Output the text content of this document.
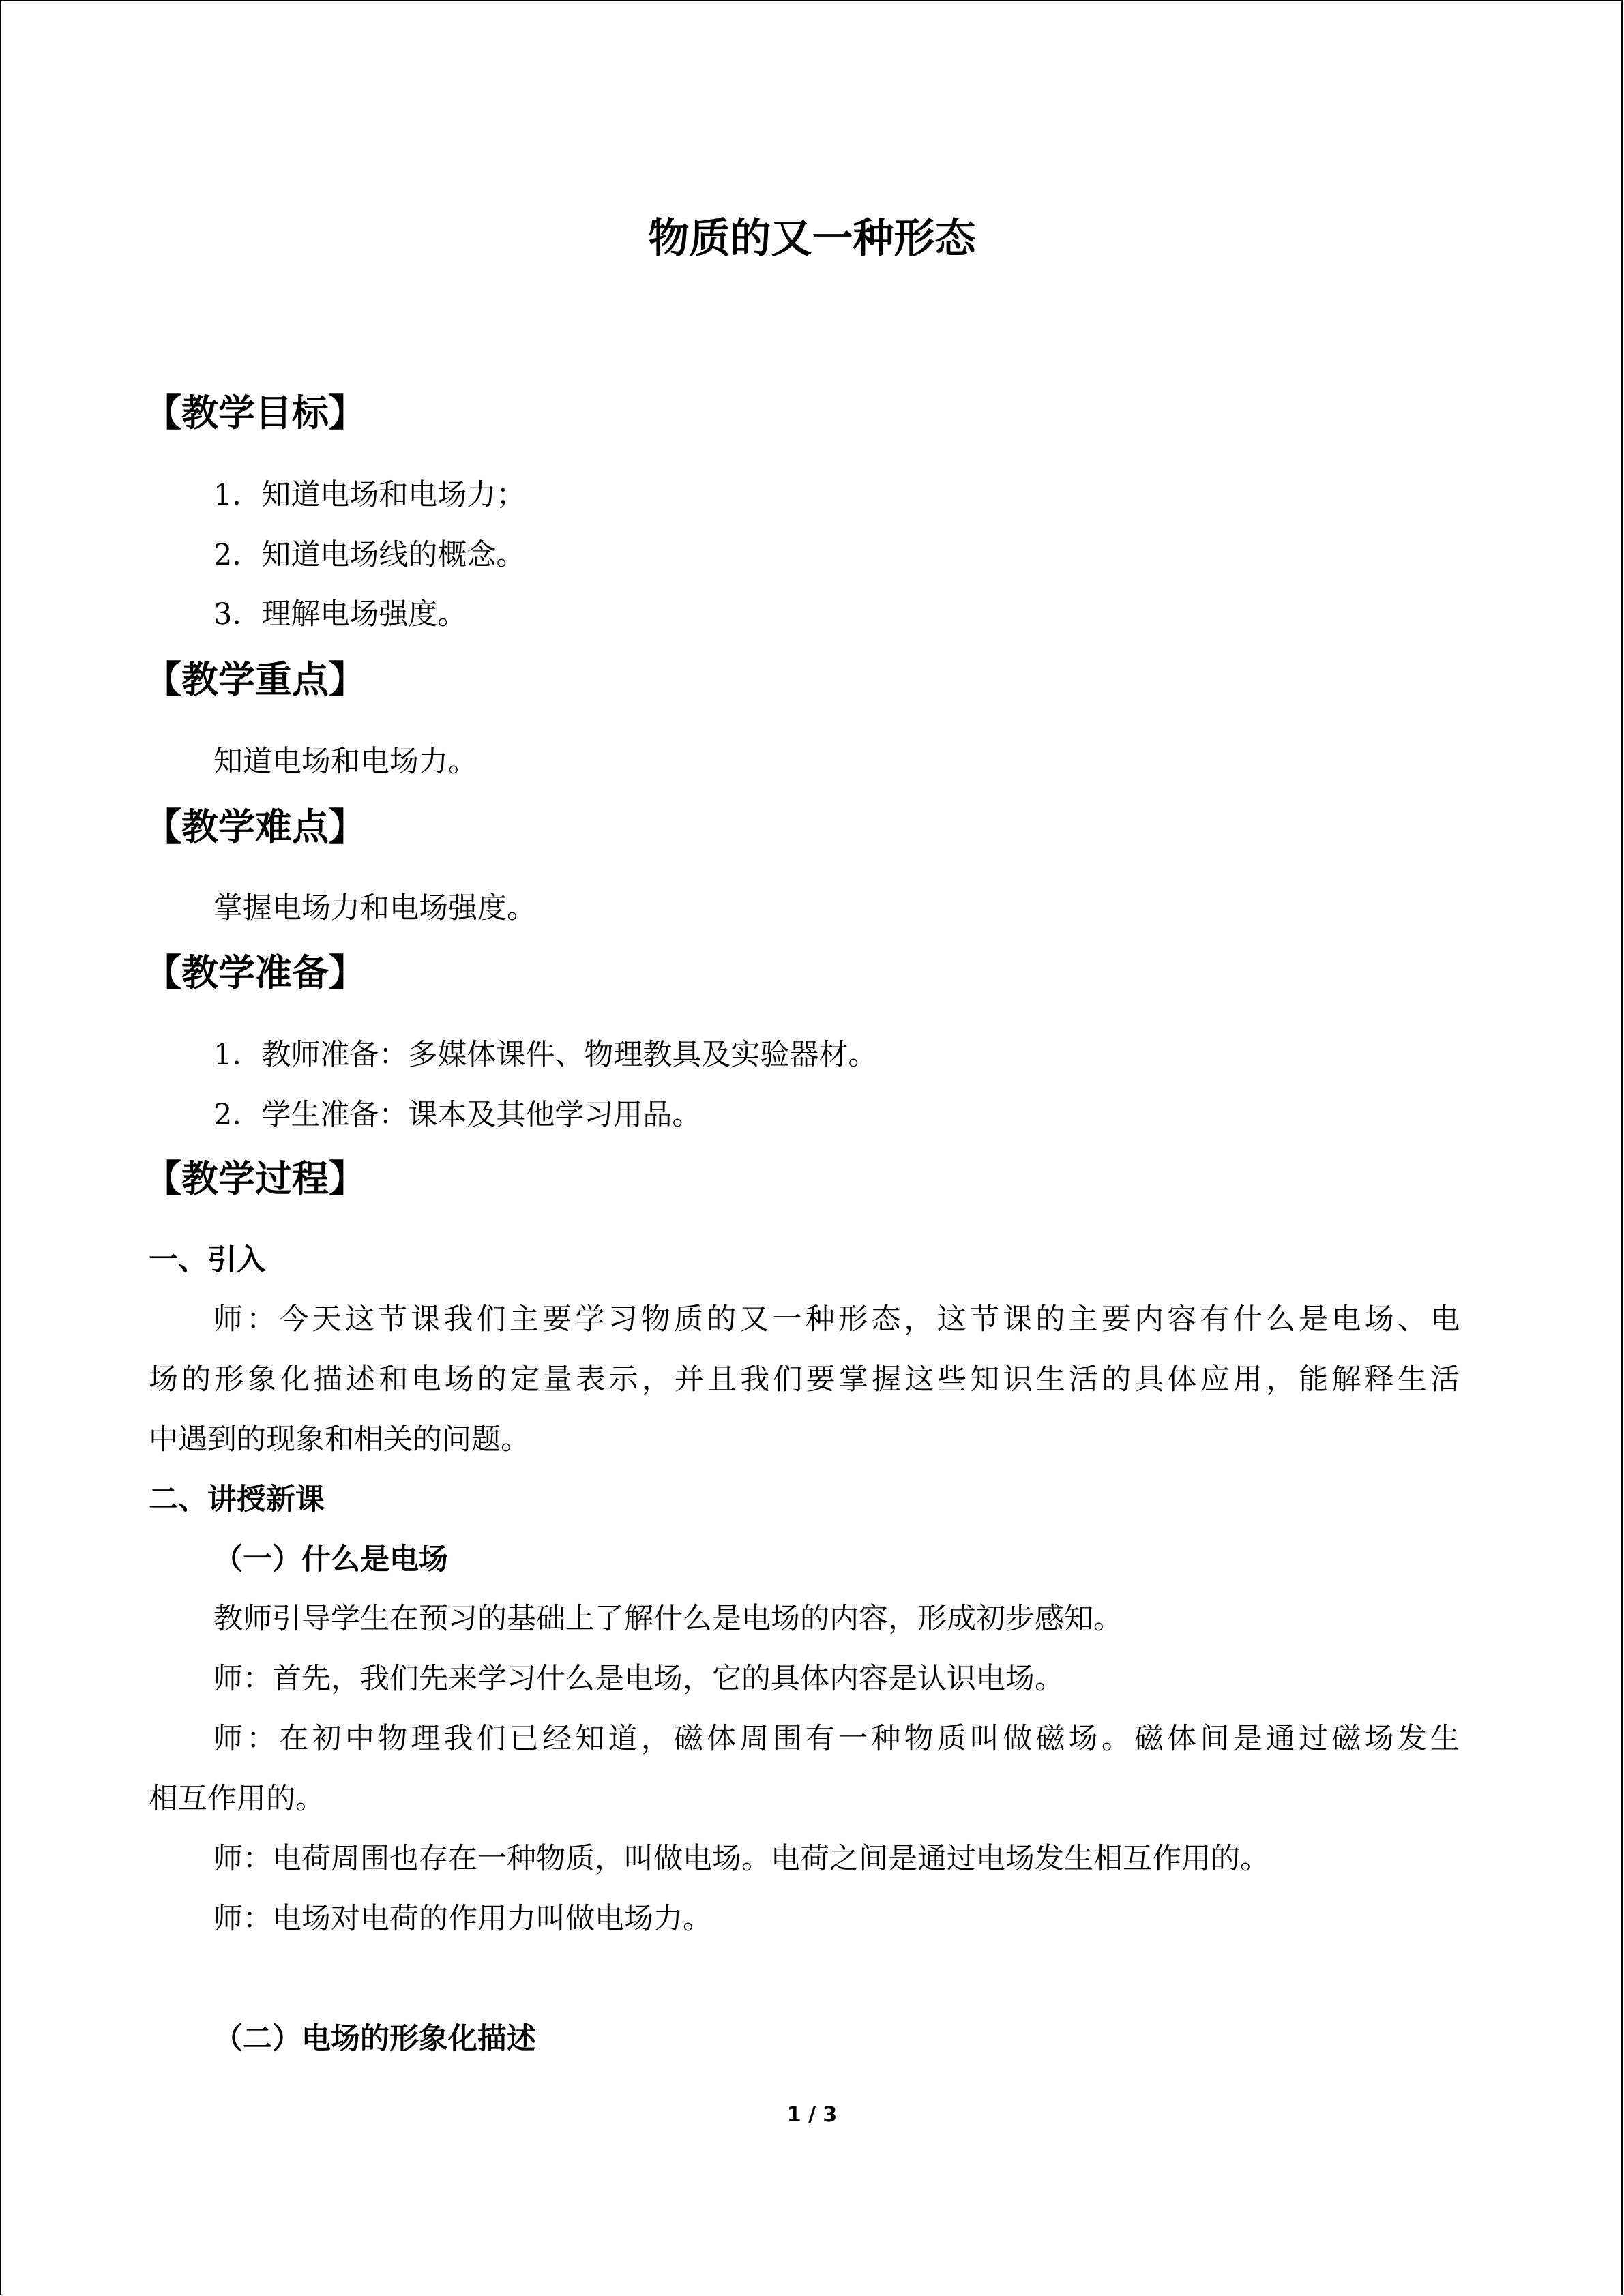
物质的又一种形态
【教学目标】
1．知道电场和电场力；
2．知道电场线的概念。
3．理解电场强度。
【教学重点】
知道电场和电场力。
【教学难点】
掌握电场力和电场强度。
【教学准备】
1．教师准备：多媒体课件、物理教具及实验器材。
2．学生准备：课本及其他学习用品。
【教学过程】
一、引入
师：今天这节课我们主要学习物质的又一种形态，这节课的主要内容有什么是电场、电
场的形象化描述和电场的定量表示，并且我们要掌握这些知识生活的具体应用，能解释生活
中遇到的现象和相关的问题。
二、讲授新课
（一）什么是电场
教师引导学生在预习的基础上了解什么是电场的内容，形成初步感知。
师：首先，我们先来学习什么是电场，它的具体内容是认识电场。
师：在初中物理我们已经知道，磁体周围有一种物质叫做磁场。磁体间是通过磁场发生
相互作用的。
师：电荷周围也存在一种物质，叫做电场。电荷之间是通过电场发生相互作用的。
师：电场对电荷的作用力叫做电场力。
（二）电场的形象化描述
1 / 3
